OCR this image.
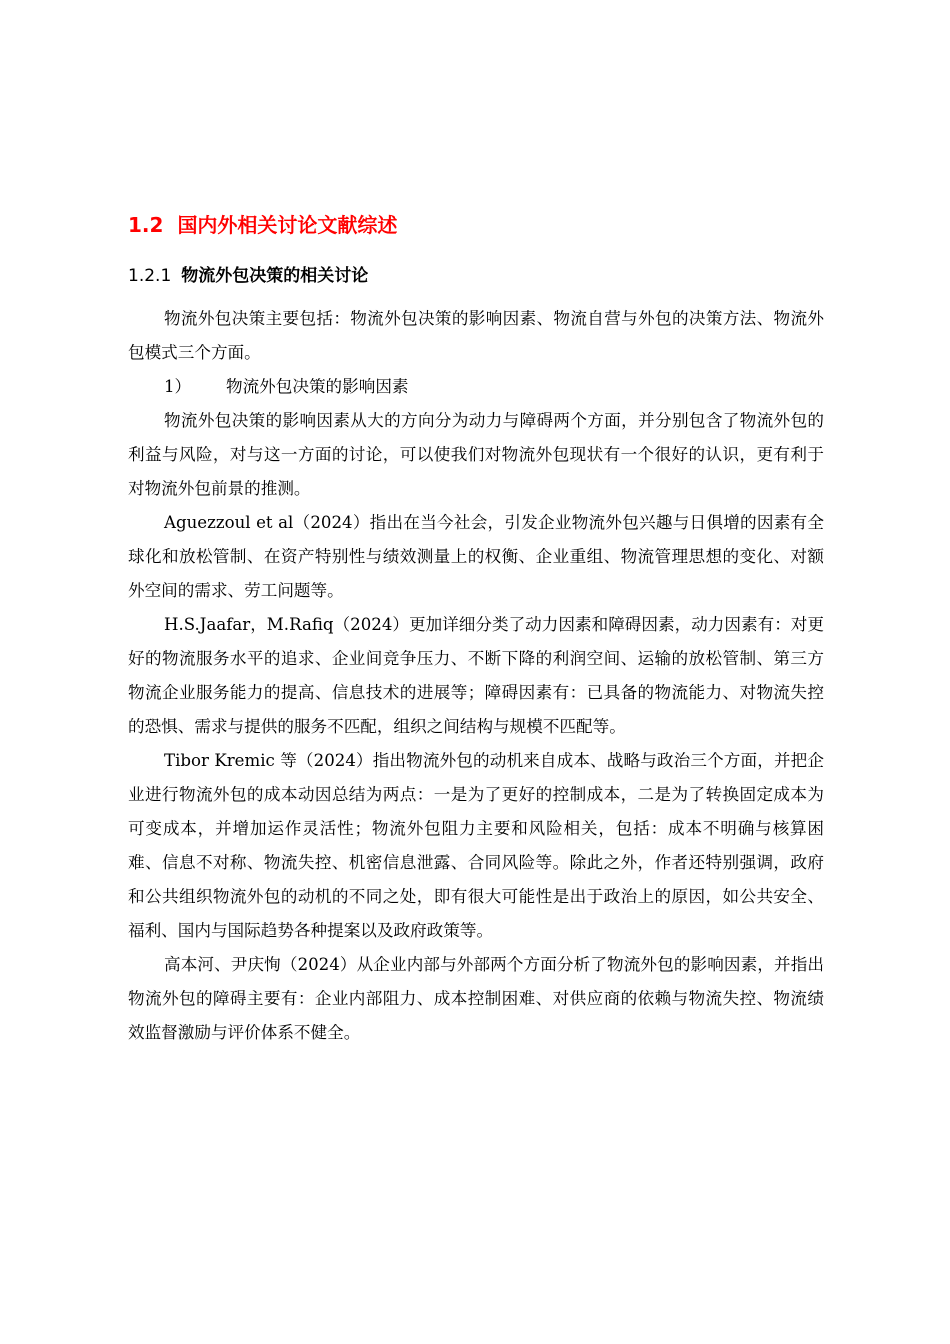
1.2 国内外相关讨论文献综述
1.2.1 物流外包决策的相关讨论

物流外包决策主要包括：物流外包决策的影响因素、物流自营与外包的决策方法、物流外包模式三个方面。

1） 物流外包决策的影响因素

物流外包决策的影响因素从大的方向分为动力与障碍两个方面，并分别包含了物流外包的利益与风险，对与这一方面的讨论，可以使我们对物流外包现状有一个很好的认识，更有利于对物流外包前景的推测。

Aguezzoul et al（2024）指出在当今社会，引发企业物流外包兴趣与日俱增的因素有全球化和放松管制、在资产特别性与绩效测量上的权衡、企业重组、物流管理思想的变化、对额外空间的需求、劳工问题等。

H.S.Jaafar，M.Rafiq（2024）更加详细分类了动力因素和障碍因素，动力因素有：对更好的物流服务水平的追求、企业间竞争压力、不断下降的利润空间、运输的放松管制、第三方物流企业服务能力的提高、信息技术的进展等；障碍因素有：已具备的物流能力、对物流失控的恐惧、需求与提供的服务不匹配，组织之间结构与规模不匹配等。

Tibor Kremic 等（2024）指出物流外包的动机来自成本、战略与政治三个方面，并把企业进行物流外包的成本动因总结为两点：一是为了更好的控制成本，二是为了转换固定成本为可变成本，并增加运作灵活性；物流外包阻力主要和风险相关，包括：成本不明确与核算困难、信息不对称、物流失控、机密信息泄露、合同风险等。除此之外，作者还特别强调，政府和公共组织物流外包的动机的不同之处，即有很大可能性是出于政治上的原因，如公共安全、福利、国内与国际趋势各种提案以及政府政策等。

高本河、尹庆恂（2024）从企业内部与外部两个方面分析了物流外包的影响因素，并指出物流外包的障碍主要有：企业内部阻力、成本控制困难、对供应商的依赖与物流失控、物流绩效监督激励与评价体系不健全。
